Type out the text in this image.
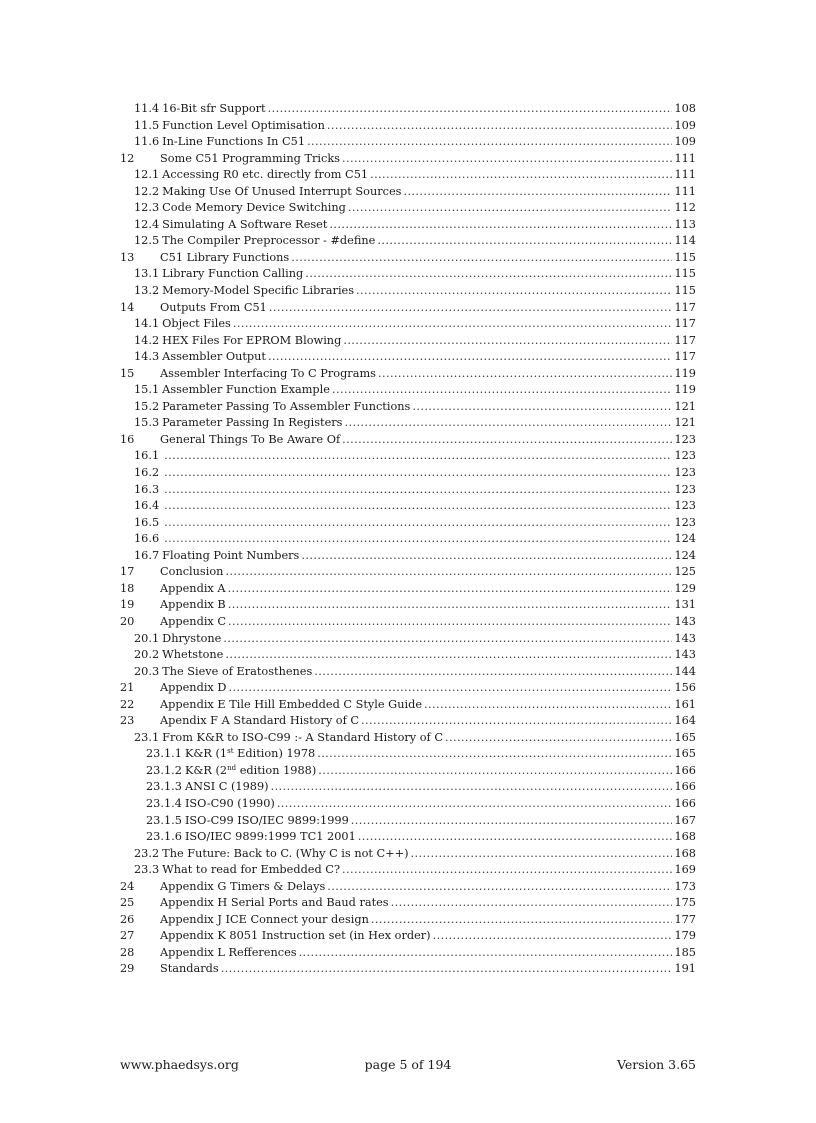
11.4 16-Bit sfr Support .....	108
11.5 Function Level Optimisation .....	109
11.6 In-Line Functions In C51 .....	109
12	Some C51 Programming Tricks .....	111
12.1 Accessing R0 etc. directly from C51 .....	111
12.2 Making Use Of Unused Interrupt Sources .....	111
12.3 Code Memory Device Switching .....	112
12.4 Simulating A Software Reset .....	113
12.5 The Compiler Preprocessor - #define .....	114
13	C51 Library Functions .....	115
13.1 Library Function Calling .....	115
13.2 Memory-Model Specific Libraries .....	115
14	Outputs From C51 .....	117
14.1 Object Files .....	117
14.2 HEX Files For EPROM Blowing .....	117
14.3 Assembler Output .....	117
15	Assembler Interfacing To C Programs .....	119
15.1 Assembler Function Example .....	119
15.2 Parameter Passing To Assembler Functions .....	121
15.3 Parameter Passing In Registers .....	121
16	General Things To Be Aware Of .....	123
16.1 .....	123
16.2 .....	123
16.3 .....	123
16.4 .....	123
16.5 .....	123
16.6 .....	124
16.7 Floating Point Numbers .....	124
17	Conclusion .....	125
18	Appendix A .....	129
19	Appendix B .....	131
20	Appendix C .....	143
20.1 Dhrystone .....	143
20.2 Whetstone .....	143
20.3 The Sieve of Eratosthenes .....	144
21	Appendix D .....	156
22	Appendix E Tile Hill Embedded C Style Guide .....	161
23	Apendix F A Standard History of C .....	164
23.1 From K&R to ISO-C99 :- A Standard History of C .....	165
23.1.1 K&R (1st Edition) 1978 .....	165
23.1.2 K&R (2nd edition 1988) .....	166
23.1.3 ANSI C (1989) .....	166
23.1.4 ISO-C90 (1990) .....	166
23.1.5 ISO-C99 ISO/IEC 9899:1999 .....	167
23.1.6 ISO/IEC 9899:1999 TC1 2001 .....	168
23.2 The Future: Back to C. (Why C is not C++) .....	168
23.3 What to read for Embedded C? .....	169
24	Appendix G Timers & Delays .....	173
25	Appendix H Serial Ports and Baud rates .....	175
26	Appendix J ICE Connect your design .....	177
27	Appendix K 8051 Instruction set (in Hex order) .....	179
28	Appendix L Refferences .....	185
29	Standards .....	191
www.phaedsys.org	page 5 of 194	Version 3.65
